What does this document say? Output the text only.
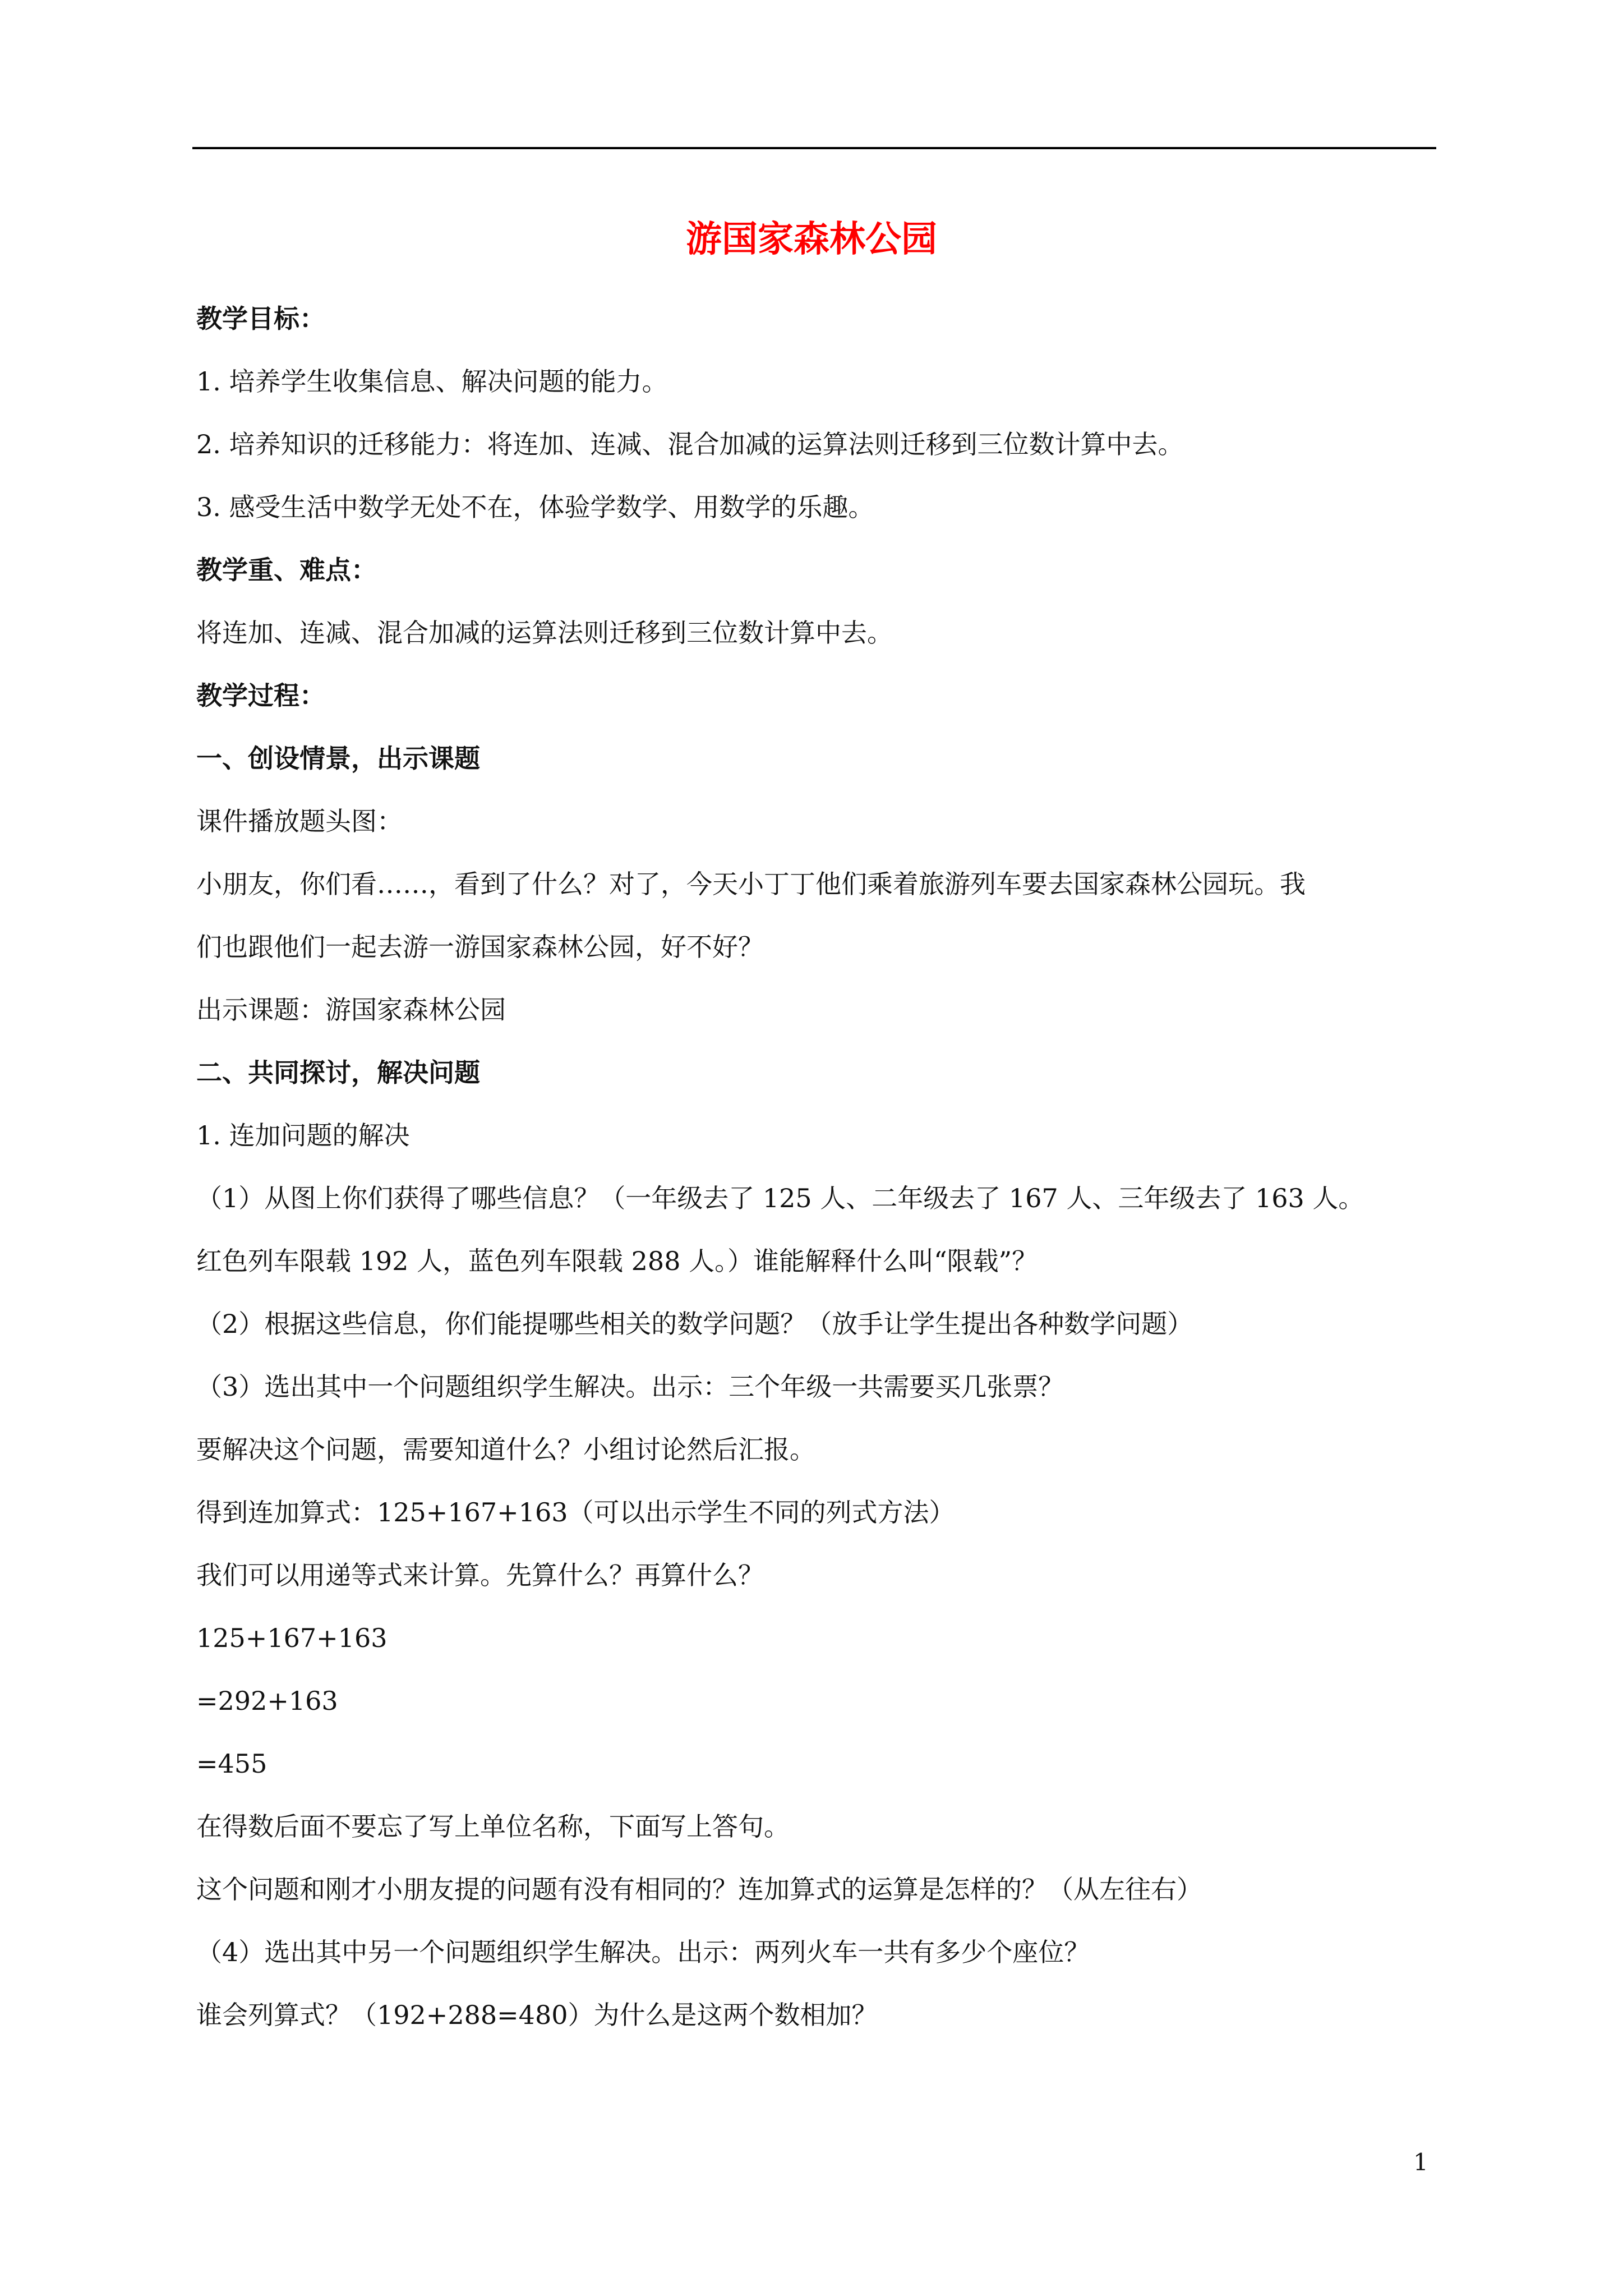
游国家森林公园

教学目标：

1. 培养学生收集信息、解决问题的能力。

2. 培养知识的迁移能力：将连加、连减、混合加减的运算法则迁移到三位数计算中去。

3. 感受生活中数学无处不在，体验学数学、用数学的乐趣。

教学重、难点：

将连加、连减、混合加减的运算法则迁移到三位数计算中去。

教学过程：

一、创设情景，出示课题

课件播放题头图：

小朋友，你们看……，看到了什么？对了，今天小丁丁他们乘着旅游列车要去国家森林公园玩。我

们也跟他们一起去游一游国家森林公园，好不好？

出示课题：游国家森林公园

二、共同探讨，解决问题

1. 连加问题的解决

（1）从图上你们获得了哪些信息？（一年级去了 125 人、二年级去了 167 人、三年级去了 163 人。

红色列车限载 192 人，蓝色列车限载 288 人。）谁能解释什么叫“限载”？

（2）根据这些信息，你们能提哪些相关的数学问题？（放手让学生提出各种数学问题）

（3）选出其中一个问题组织学生解决。出示：三个年级一共需要买几张票？

要解决这个问题，需要知道什么？小组讨论然后汇报。

得到连加算式：125+167+163（可以出示学生不同的列式方法）

我们可以用递等式来计算。先算什么？再算什么？

125+167+163

=292+163

=455

在得数后面不要忘了写上单位名称，下面写上答句。

这个问题和刚才小朋友提的问题有没有相同的？连加算式的运算是怎样的？（从左往右）

（4）选出其中另一个问题组织学生解决。出示：两列火车一共有多少个座位？

谁会列算式？（192+288=480）为什么是这两个数相加？

1
